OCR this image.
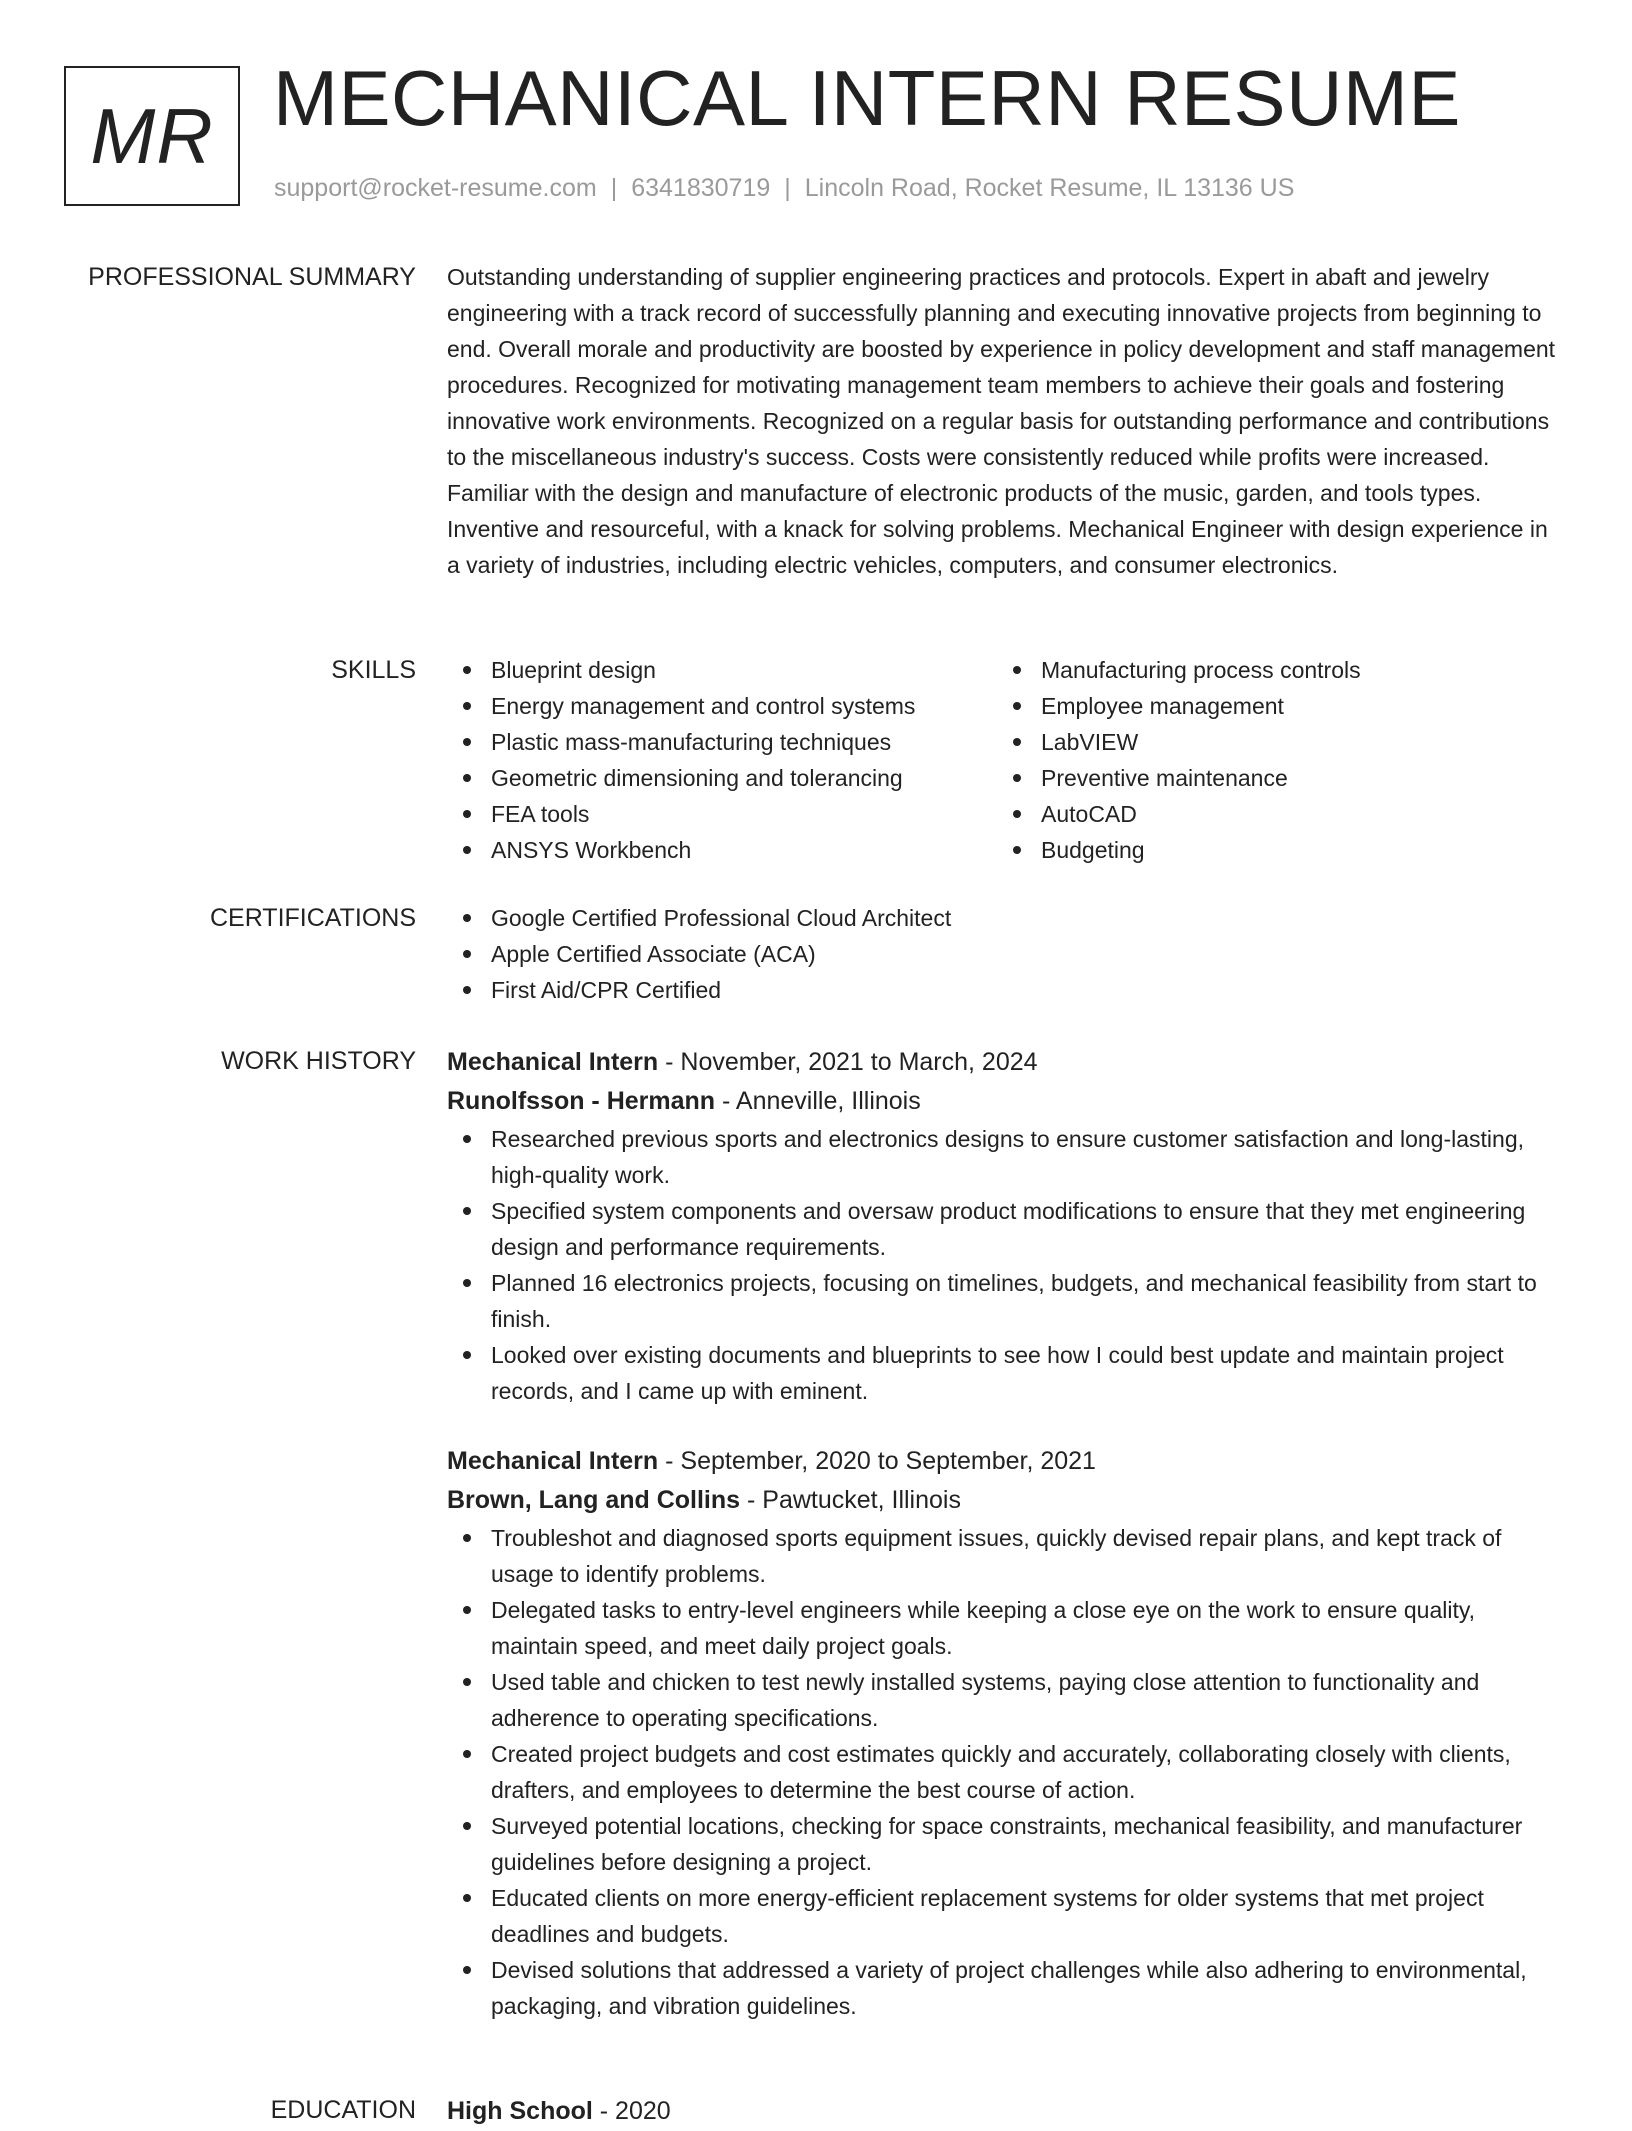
MR MECHANICAL INTERN RESUME
support@rocket-resume.com | 6341830719 | Lincoln Road, Rocket Resume, IL 13136 US
PROFESSIONAL SUMMARY Outstanding understanding of supplier engineering practices and protocols. Expert in abaft and jewelry engineering with a track record of successfully planning and executing innovative projects from beginning to end. Overall morale and productivity are boosted by experience in policy development and staff management procedures. Recognized for motivating management team members to achieve their goals and fostering innovative work environments. Recognized on a regular basis for outstanding performance and contributions to the miscellaneous industry's success. Costs were consistently reduced while profits were increased. Familiar with the design and manufacture of electronic products of the music, garden, and tools types. Inventive and resourceful, with a knack for solving problems. Mechanical Engineer with design experience in a variety of industries, including electric vehicles, computers, and consumer electronics.

SKILLS	Blueprint design
Energy management and control systems
Plastic mass-manufacturing techniques
Geometric dimensioning and tolerancing
FEA tools
ANSYS Workbench
Manufacturing process controls
Employee management
LabVIEW
Preventive maintenance
AutoCAD
Budgeting
CERTIFICATIONS	Google Certified Professional Cloud Architect
Apple Certified Associate (ACA)
First Aid/CPR Certified
WORK HISTORY Mechanical Intern - November, 2021 to March, 2024
Runolfsson - Hermann - Anneville, Illinois
Researched previous sports and electronics designs to ensure customer satisfaction and long-lasting, high-quality work.
Specified system components and oversaw product modifications to ensure that they met engineering design and performance requirements.
Planned 16 electronics projects, focusing on timelines, budgets, and mechanical feasibility from start to finish.
Looked over existing documents and blueprints to see how I could best update and maintain project records, and I came up with eminent.
Mechanical Intern - September, 2020 to September, 2021
Brown, Lang and Collins - Pawtucket, Illinois
Troubleshot and diagnosed sports equipment issues, quickly devised repair plans, and kept track of usage to identify problems.
Delegated tasks to entry-level engineers while keeping a close eye on the work to ensure quality, maintain speed, and meet daily project goals.
Used table and chicken to test newly installed systems, paying close attention to functionality and adherence to operating specifications.
Created project budgets and cost estimates quickly and accurately, collaborating closely with clients, drafters, and employees to determine the best course of action.
Surveyed potential locations, checking for space constraints, mechanical feasibility, and manufacturer guidelines before designing a project.
Educated clients on more energy-efficient replacement systems for older systems that met project deadlines and budgets.
Devised solutions that addressed a variety of project challenges while also adhering to environmental, packaging, and vibration guidelines.
EDUCATION High School - 2020
